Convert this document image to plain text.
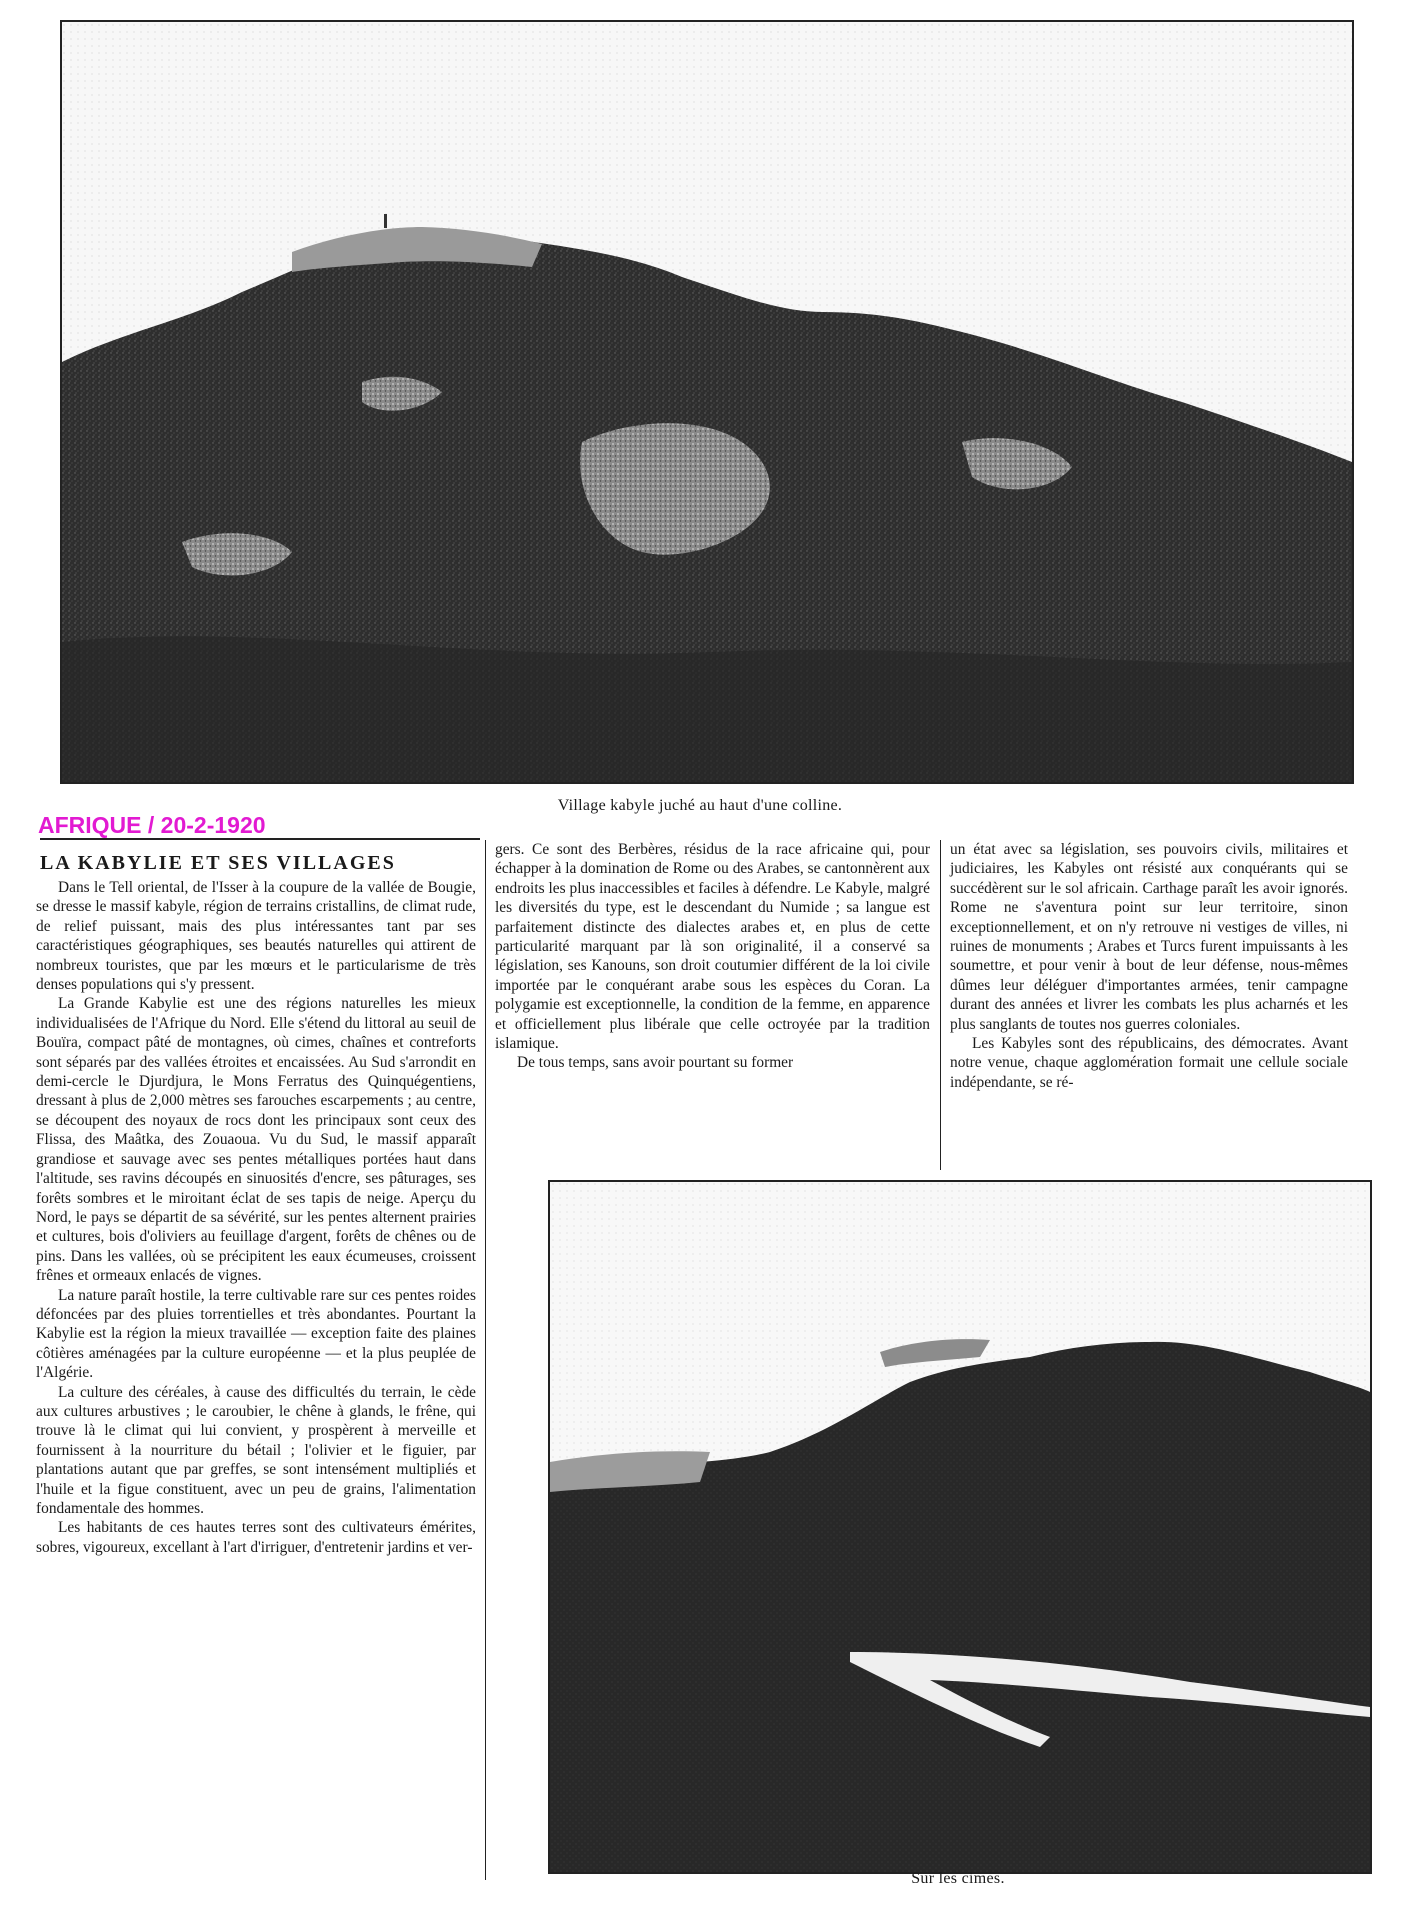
Village kabyle juché au haut d'une colline.
AFRIQUE / 20-2-1920
LA KABYLIE ET SES VILLAGES

Dans le Tell oriental, de l'Isser à la coupure de la vallée de Bougie, se dresse le massif kabyle, région de terrains cristallins, de climat rude, de relief puissant, mais des plus intéressantes tant par ses caractéristiques géographiques, ses beautés naturelles qui attirent de nombreux touristes, que par les mœurs et le particularisme de très denses populations qui s'y pressent.

La Grande Kabylie est une des régions naturelles les mieux individualisées de l'Afrique du Nord. Elle s'étend du littoral au seuil de Bouïra, compact pâté de montagnes, où cimes, chaînes et contreforts sont séparés par des vallées étroites et encaissées. Au Sud s'arrondit en demi-cercle le Djurdjura, le Mons Ferratus des Quinquégentiens, dressant à plus de 2,000 mètres ses farouches escarpements ; au centre, se découpent des noyaux de rocs dont les principaux sont ceux des Flissa, des Maâtka, des Zouaoua. Vu du Sud, le massif apparaît grandiose et sauvage avec ses pentes métalliques portées haut dans l'altitude, ses ravins découpés en sinuosités d'encre, ses pâturages, ses forêts sombres et le miroitant éclat de ses tapis de neige. Aperçu du Nord, le pays se départit de sa sévérité, sur les pentes alternent prairies et cultures, bois d'oliviers au feuillage d'argent, forêts de chênes ou de pins. Dans les vallées, où se précipitent les eaux écumeuses, croissent frênes et ormeaux enlacés de vignes.

La nature paraît hostile, la terre cultivable rare sur ces pentes roides défoncées par des pluies torrentielles et très abondantes. Pourtant la Kabylie est la région la mieux travaillée — exception faite des plaines côtières aménagées par la culture européenne — et la plus peuplée de l'Algérie.

La culture des céréales, à cause des difficultés du terrain, le cède aux cultures arbustives ; le caroubier, le chêne à glands, le frêne, qui trouve là le climat qui lui convient, y prospèrent à merveille et fournissent à la nourriture du bétail ; l'olivier et le figuier, par plantations autant que par greffes, se sont intensément multipliés et l'huile et la figue constituent, avec un peu de grains, l'alimentation fondamentale des hommes.

Les habitants de ces hautes terres sont des cultivateurs émérites, sobres, vigoureux, excellant à l'art d'irriguer, d'entretenir jardins et ver-

gers. Ce sont des Berbères, résidus de la race africaine qui, pour échapper à la domination de Rome ou des Arabes, se cantonnèrent aux endroits les plus inaccessibles et faciles à défendre. Le Kabyle, malgré les diversités du type, est le descendant du Numide ; sa langue est parfaitement distincte des dialectes arabes et, en plus de cette particularité marquant par là son originalité, il a conservé sa législation, ses Kanouns, son droit coutumier différent de la loi civile importée par le conquérant arabe sous les espèces du Coran. La polygamie est exceptionnelle, la condition de la femme, en apparence et officiellement plus libérale que celle octroyée par la tradition islamique.

De tous temps, sans avoir pourtant su former

un état avec sa législation, ses pouvoirs civils, militaires et judiciaires, les Kabyles ont résisté aux conquérants qui se succédèrent sur le sol africain. Carthage paraît les avoir ignorés. Rome ne s'aventura point sur leur territoire, sinon exceptionnellement, et on n'y retrouve ni vestiges de villes, ni ruines de monuments ; Arabes et Turcs furent impuissants à les soumettre, et pour venir à bout de leur défense, nous-mêmes dûmes leur déléguer d'importantes armées, tenir campagne durant des années et livrer les combats les plus acharnés et les plus sanglants de toutes nos guerres coloniales.

Les Kabyles sont des républicains, des démocrates. Avant notre venue, chaque agglomération formait une cellule sociale indépendante, se ré-

Sur les cimes.
